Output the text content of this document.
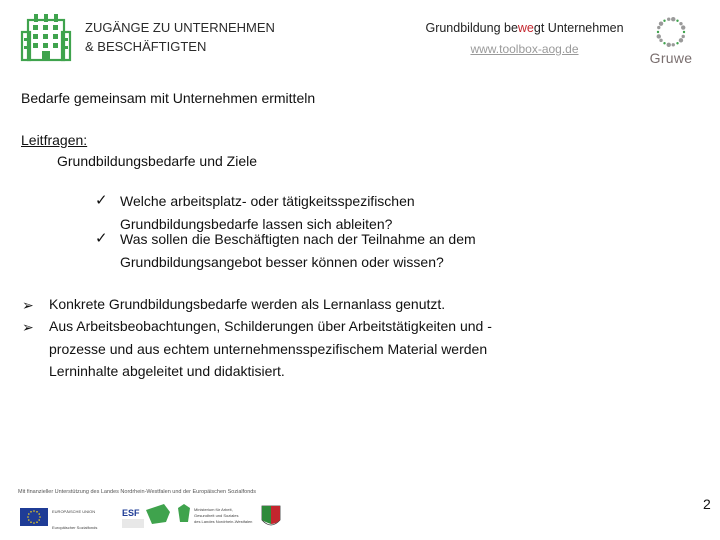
ZUGÄNGE ZU UNTERNEHMEN
& BESCHÄFTIGTEN
Grundbildung bewegt Unternehmen
www.toolbox-aog.de
Gruwe
Bedarfe gemeinsam mit Unternehmen ermitteln
Leitfragen:
Grundbildungsbedarfe und Ziele
✓ Welche arbeitsplatz- oder tätigkeitsspezifischen
Grundbildungsbedarfe lassen sich ableiten?
✓ Was sollen die Beschäftigten nach der Teilnahme an dem
Grundbildungsangebot besser können oder wissen?
➢	Konkrete Grundbildungsbedarfe werden als Lernanlass genutzt.
➢	Aus Arbeitsbeobachtungen, Schilderungen über Arbeitstätigkeiten und -
prozesse und aus echtem unternehmensspezifischem Material werden
Lerninhalte abgeleitet und didaktisiert.
Mit finanzieller Unterstützung des Landes Nordrhein-Westfalen und der Europäischen Sozialfonds
EUROPÄISCHE UNION
Europäischer Sozialfonds
ESF	Ministerium für Arbeit,
Gesundheit und Soziales
des Landes Nordrhein-Westfalen
2
